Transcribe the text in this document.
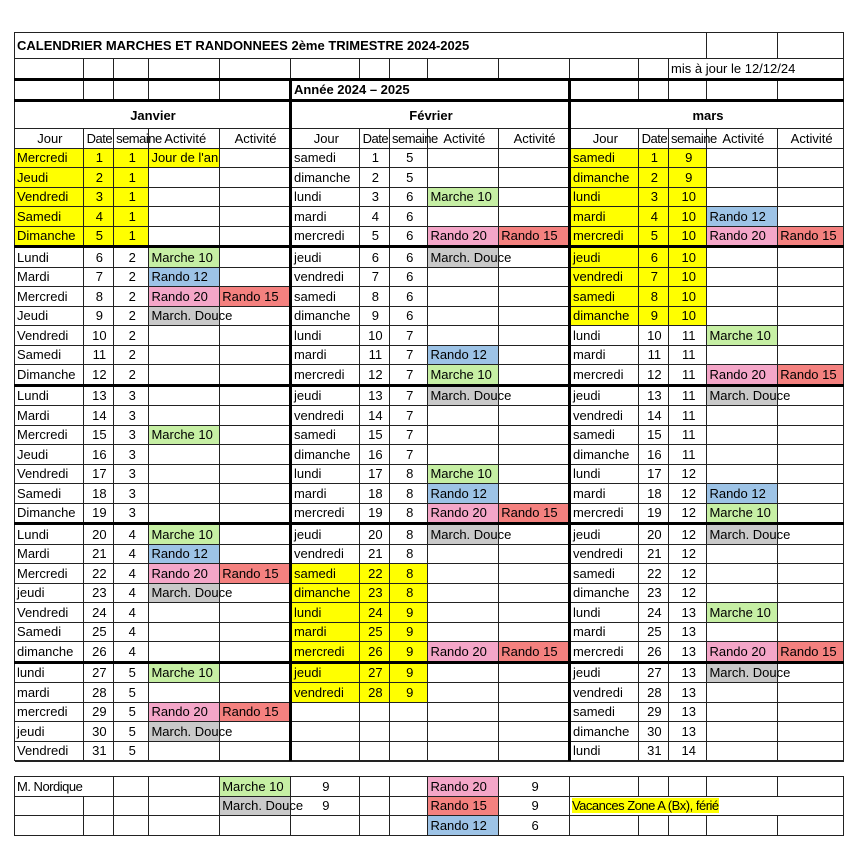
CALENDRIER MARCHES ET RANDONNEES 2ème TRIMESTRE 2024-2025														
												mis à jour le 12/12/24		
					Année 2024 – 2025									
Janvier					Février					mars				
Jour	Date	semaine	Activité	Activité	Jour	Date	semaine	Activité	Activité	Jour	Date	semaine	Activité	Activité
Mercredi	1	1	Jour de l'an		samedi	1	5			samedi	1	9		
Jeudi	2	1			dimanche	2	5			dimanche	2	9		
Vendredi	3	1			lundi	3	6	Marche 10		lundi	3	10		
Samedi	4	1			mardi	4	6			mardi	4	10	Rando 12	
Dimanche	5	1			mercredi	5	6	Rando 20	Rando 15	mercredi	5	10	Rando 20	Rando 15
Lundi	6	2	Marche 10		jeudi	6	6	March. Douce		jeudi	6	10		
Mardi	7	2	Rando 12		vendredi	7	6			vendredi	7	10		
Mercredi	8	2	Rando 20	Rando 15	samedi	8	6			samedi	8	10		
Jeudi	9	2	March. Douce		dimanche	9	6			dimanche	9	10		
Vendredi	10	2			lundi	10	7			lundi	10	11	Marche 10	
Samedi	11	2			mardi	11	7	Rando 12		mardi	11	11		
Dimanche	12	2			mercredi	12	7	Marche 10		mercredi	12	11	Rando 20	Rando 15
Lundi	13	3			jeudi	13	7	March. Douce		jeudi	13	11	March. Douce	
Mardi	14	3			vendredi	14	7			vendredi	14	11		
Mercredi	15	3	Marche 10		samedi	15	7			samedi	15	11		
Jeudi	16	3			dimanche	16	7			dimanche	16	11		
Vendredi	17	3			lundi	17	8	Marche 10		lundi	17	12		
Samedi	18	3			mardi	18	8	Rando 12		mardi	18	12	Rando 12	
Dimanche	19	3			mercredi	19	8	Rando 20	Rando 15	mercredi	19	12	Marche 10	
Lundi	20	4	Marche 10		jeudi	20	8	March. Douce		jeudi	20	12	March. Douce	
Mardi	21	4	Rando 12		vendredi	21	8			vendredi	21	12		
Mercredi	22	4	Rando 20	Rando 15	samedi	22	8			samedi	22	12		
jeudi	23	4	March. Douce		dimanche	23	8			dimanche	23	12		
Vendredi	24	4			lundi	24	9			lundi	24	13	Marche 10	
Samedi	25	4			mardi	25	9			mardi	25	13		
dimanche	26	4			mercredi	26	9	Rando 20	Rando 15	mercredi	26	13	Rando 20	Rando 15
lundi	27	5	Marche 10		jeudi	27	9			jeudi	27	13	March. Douce	
mardi	28	5			vendredi	28	9			vendredi	28	13		
mercredi	29	5	Rando 20	Rando 15						samedi	29	13		
jeudi	30	5	March. Douce							dimanche	30	13		
Vendredi	31	5								lundi	31	14		

M. Nordique				Marche 10	9			Rando 20	9					
				March. Douce	9			Rando 15	9	Vacances Zone A (Bx), férié				
								Rando 12	6					
